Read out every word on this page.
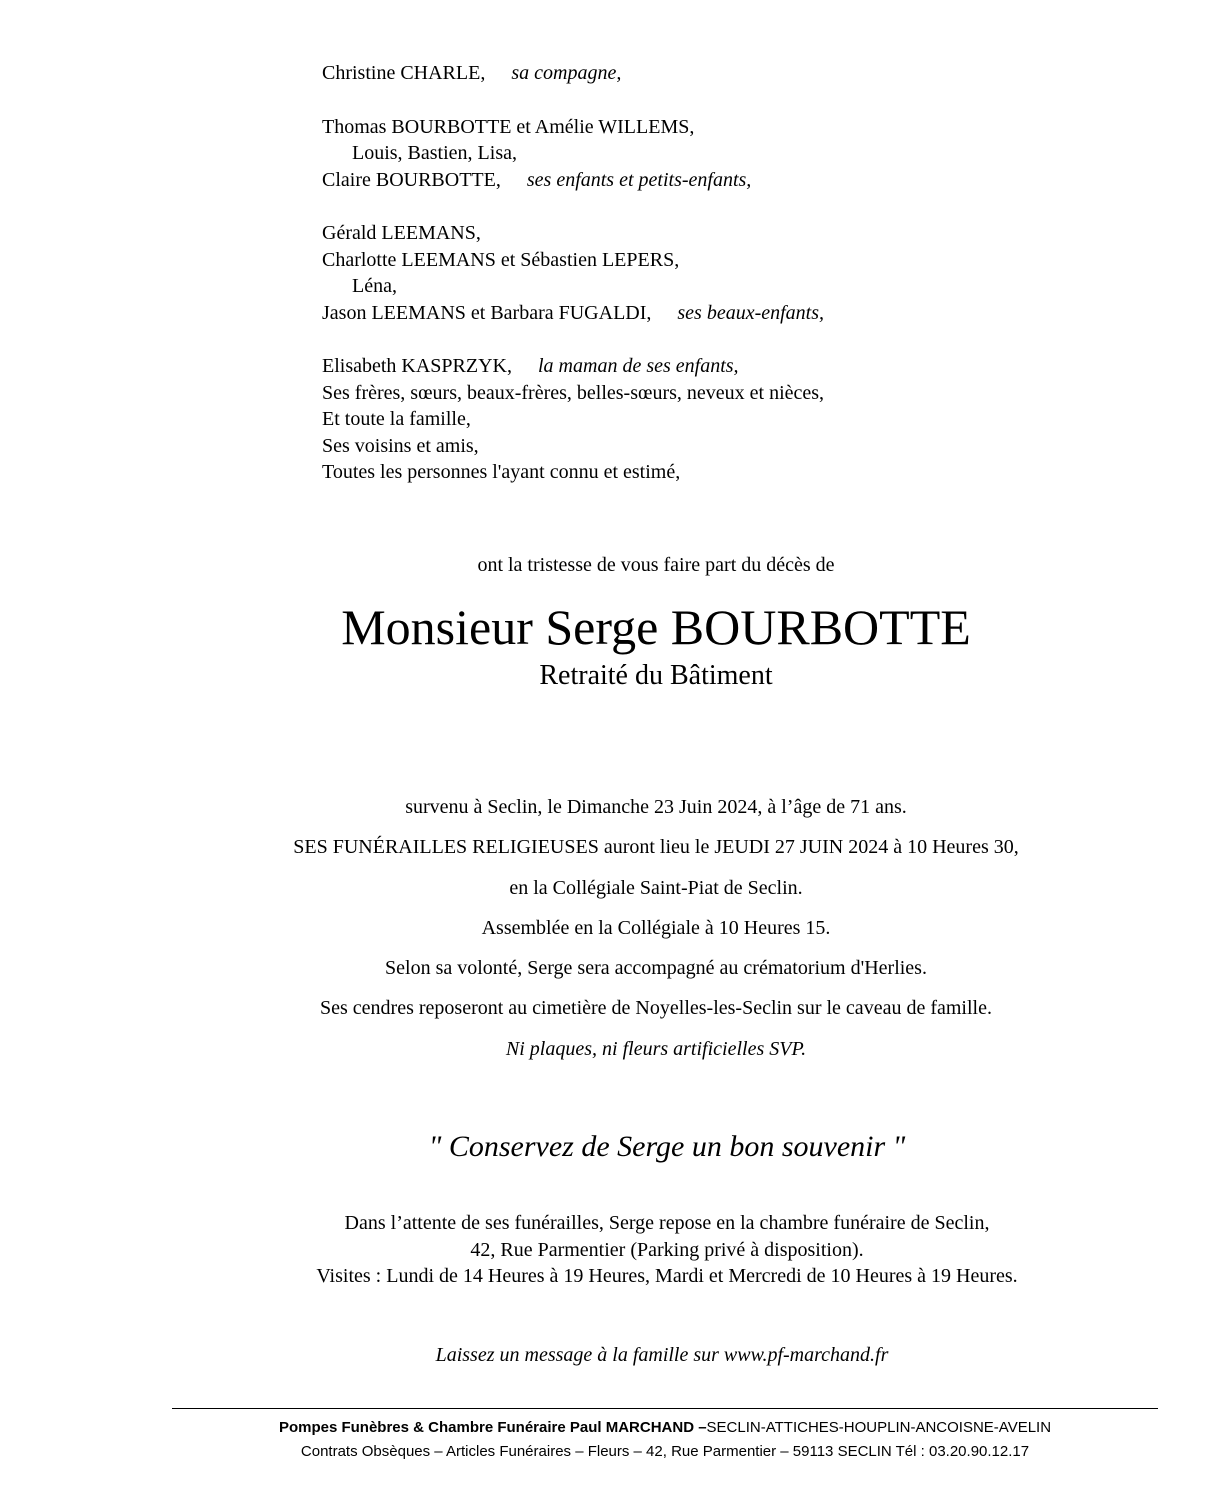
Christine CHARLE, sa compagne,
Thomas BOURBOTTE et Amélie WILLEMS,
Louis, Bastien, Lisa,
Claire BOURBOTTE, ses enfants et petits-enfants,
Gérald LEEMANS,
Charlotte LEEMANS et Sébastien LEPERS,
Léna,
Jason LEEMANS et Barbara FUGALDI, ses beaux-enfants,
Elisabeth KASPRZYK, la maman de ses enfants,
Ses frères, sœurs, beaux-frères, belles-sœurs, neveux et nièces,
Et toute la famille,
Ses voisins et amis,
Toutes les personnes l'ayant connu et estimé,
ont la tristesse de vous faire part du décès de
Monsieur Serge BOURBOTTE
Retraité du Bâtiment
survenu à Seclin, le Dimanche 23 Juin 2024, à l’âge de 71 ans.
SES FUNÉRAILLES RELIGIEUSES auront lieu le JEUDI 27 JUIN 2024 à 10 Heures 30,
en la Collégiale Saint-Piat de Seclin.
Assemblée en la Collégiale à 10 Heures 15.
Selon sa volonté, Serge sera accompagné au crématorium d'Herlies.
Ses cendres reposeront au cimetière de Noyelles-les-Seclin sur le caveau de famille.
Ni plaques, ni fleurs artificielles SVP.
" Conservez de Serge un bon souvenir "
Dans l’attente de ses funérailles, Serge repose en la chambre funéraire de Seclin,
42, Rue Parmentier (Parking privé à disposition).
Visites : Lundi de 14 Heures à 19 Heures, Mardi et Mercredi de 10 Heures à 19 Heures.
Laissez un message à la famille sur www.pf-marchand.fr
Pompes Funèbres & Chambre Funéraire Paul MARCHAND –SECLIN-ATTICHES-HOUPLIN-ANCOISNE-AVELIN
Contrats Obsèques – Articles Funéraires – Fleurs – 42, Rue Parmentier – 59113 SECLIN Tél : 03.20.90.12.17
